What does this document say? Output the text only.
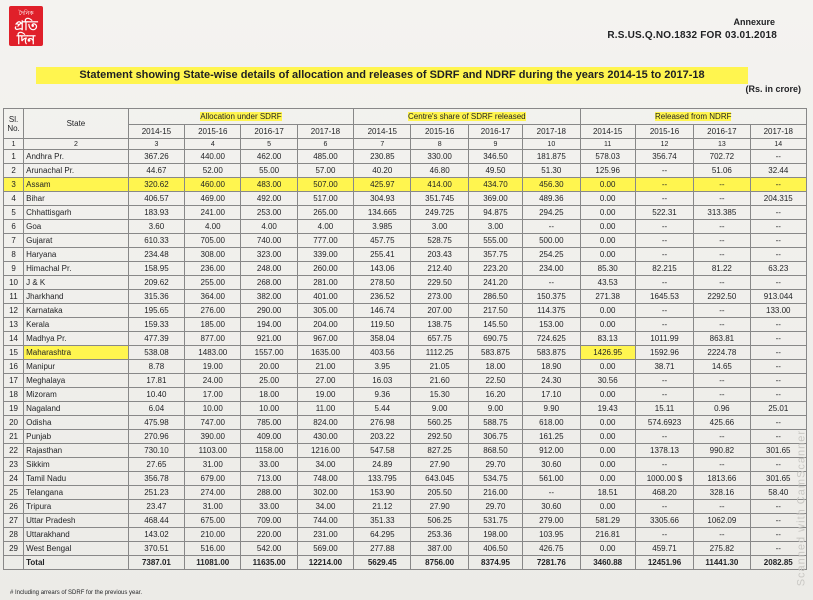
দৈনিক
প্রতি দিন
Annexure
R.S.US.Q.NO.1832 FOR 03.01.2018
Statement showing State-wise details of allocation and releases of SDRF and NDRF during the years 2014-15 to 2017-18
(Rs. in crore)
Sl. No.	State	Allocation under SDRF				Centre's share of SDRF released				Released from NDRF			
		2014-15	2015-16	2016-17	2017-18	2014-15	2015-16	2016-17	2017-18	2014-15	2015-16	2016-17	2017-18
1	2	3	4	5	6	7	8	9	10	11	12	13	14
1	Andhra Pr.	367.26	440.00	462.00	485.00	230.85	330.00	346.50	181.875	578.03	356.74	702.72	--
2	Arunachal Pr.	44.67	52.00	55.00	57.00	40.20	46.80	49.50	51.30	125.96	--	51.06	32.44
3	Assam	320.62	460.00	483.00	507.00	425.97	414.00	434.70	456.30	0.00	--	--	--
4	Bihar	406.57	469.00	492.00	517.00	304.93	351.745	369.00	489.36	0.00	--	--	204.315
5	Chhattisgarh	183.93	241.00	253.00	265.00	134.665	249.725	94.875	294.25	0.00	522.31	313.385	--
6	Goa	3.60	4.00	4.00	4.00	3.985	3.00	3.00	--	0.00	--	--	--
7	Gujarat	610.33	705.00	740.00	777.00	457.75	528.75	555.00	500.00	0.00	--	--	--
8	Haryana	234.48	308.00	323.00	339.00	255.41	203.43	357.75	254.25	0.00	--	--	--
9	Himachal Pr.	158.95	236.00	248.00	260.00	143.06	212.40	223.20	234.00	85.30	82.215	81.22	63.23
10	J & K	209.62	255.00	268.00	281.00	278.50	229.50	241.20	--	43.53	--	--	--
11	Jharkhand	315.36	364.00	382.00	401.00	236.52	273.00	286.50	150.375	271.38	1645.53	2292.50	913.044
12	Karnataka	195.65	276.00	290.00	305.00	146.74	207.00	217.50	114.375	0.00	--	--	133.00
13	Kerala	159.33	185.00	194.00	204.00	119.50	138.75	145.50	153.00	0.00	--	--	--
14	Madhya Pr.	477.39	877.00	921.00	967.00	358.04	657.75	690.75	724.625	83.13	1011.99	863.81	--
15	Maharashtra	538.08	1483.00	1557.00	1635.00	403.56	1112.25	583.875	583.875	1426.95	1592.96	2224.78	--
16	Manipur	8.78	19.00	20.00	21.00	3.95	21.05	18.00	18.90	0.00	38.71	14.65	--
17	Meghalaya	17.81	24.00	25.00	27.00	16.03	21.60	22.50	24.30	30.56	--	--	--
18	Mizoram	10.40	17.00	18.00	19.00	9.36	15.30	16.20	17.10	0.00	--	--	--
19	Nagaland	6.04	10.00	10.00	11.00	5.44	9.00	9.00	9.90	19.43	15.11	0.96	25.01
20	Odisha	475.98	747.00	785.00	824.00	276.98	560.25	588.75	618.00	0.00	574.6923	425.66	--
21	Punjab	270.96	390.00	409.00	430.00	203.22	292.50	306.75	161.25	0.00	--	--	--
22	Rajasthan	730.10	1103.00	1158.00	1216.00	547.58	827.25	868.50	912.00	0.00	1378.13	990.82	301.65
23	Sikkim	27.65	31.00	33.00	34.00	24.89	27.90	29.70	30.60	0.00	--	--	--
24	Tamil Nadu	356.78	679.00	713.00	748.00	133.795	643.045	534.75	561.00	0.00	1000.00 $	1813.66	301.65
25	Telangana	251.23	274.00	288.00	302.00	153.90	205.50	216.00	--	18.51	468.20	328.16	58.40
26	Tripura	23.47	31.00	33.00	34.00	21.12	27.90	29.70	30.60	0.00	--	--	--
27	Uttar Pradesh	468.44	675.00	709.00	744.00	351.33	506.25	531.75	279.00	581.29	3305.66	1062.09	--
28	Uttarakhand	143.02	210.00	220.00	231.00	64.295	253.36	198.00	103.95	216.81	--	--	--
29	West Bengal	370.51	516.00	542.00	569.00	277.88	387.00	406.50	426.75	0.00	459.71	275.82	--
	Total	7387.01	11081.00	11635.00	12214.00	5629.45	8756.00	8374.95	7281.76	3460.88	12451.96	11441.30	2082.85
# Including arrears of SDRF for the previous year.
Scanned with CamScanner
